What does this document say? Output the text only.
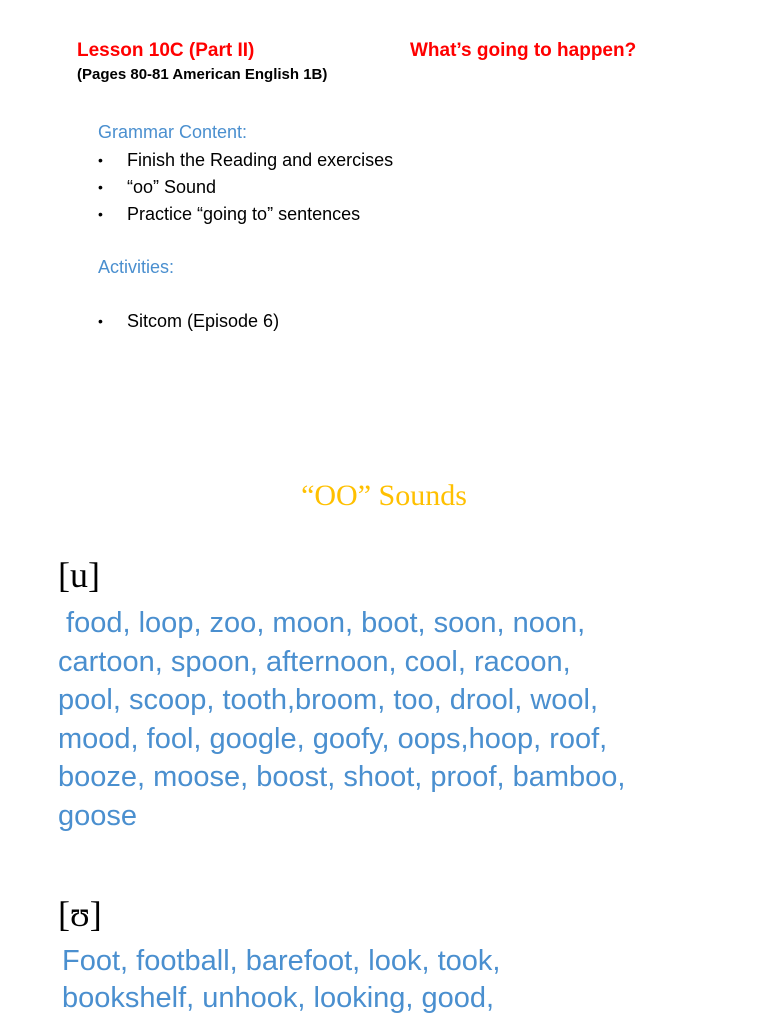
Lesson 10C (Part II)	What’s going to happen?
(Pages 80-81 American English 1B)
Grammar Content:
• Finish the Reading and exercises
• “oo” Sound
• Practice “going to” sentences
Activities:
• Sitcom (Episode 6)
“OO” Sounds
[u]
food, loop, zoo, moon, boot, soon, noon,
cartoon, spoon, afternoon, cool, racoon,
pool, scoop, tooth,broom, too, drool, wool,
mood, fool, google, goofy, oops,hoop, roof,
booze, moose, boost, shoot, proof, bamboo,
goose
[ʊ]
Foot, football, barefoot, look, took,
bookshelf, unhook, looking, good,
